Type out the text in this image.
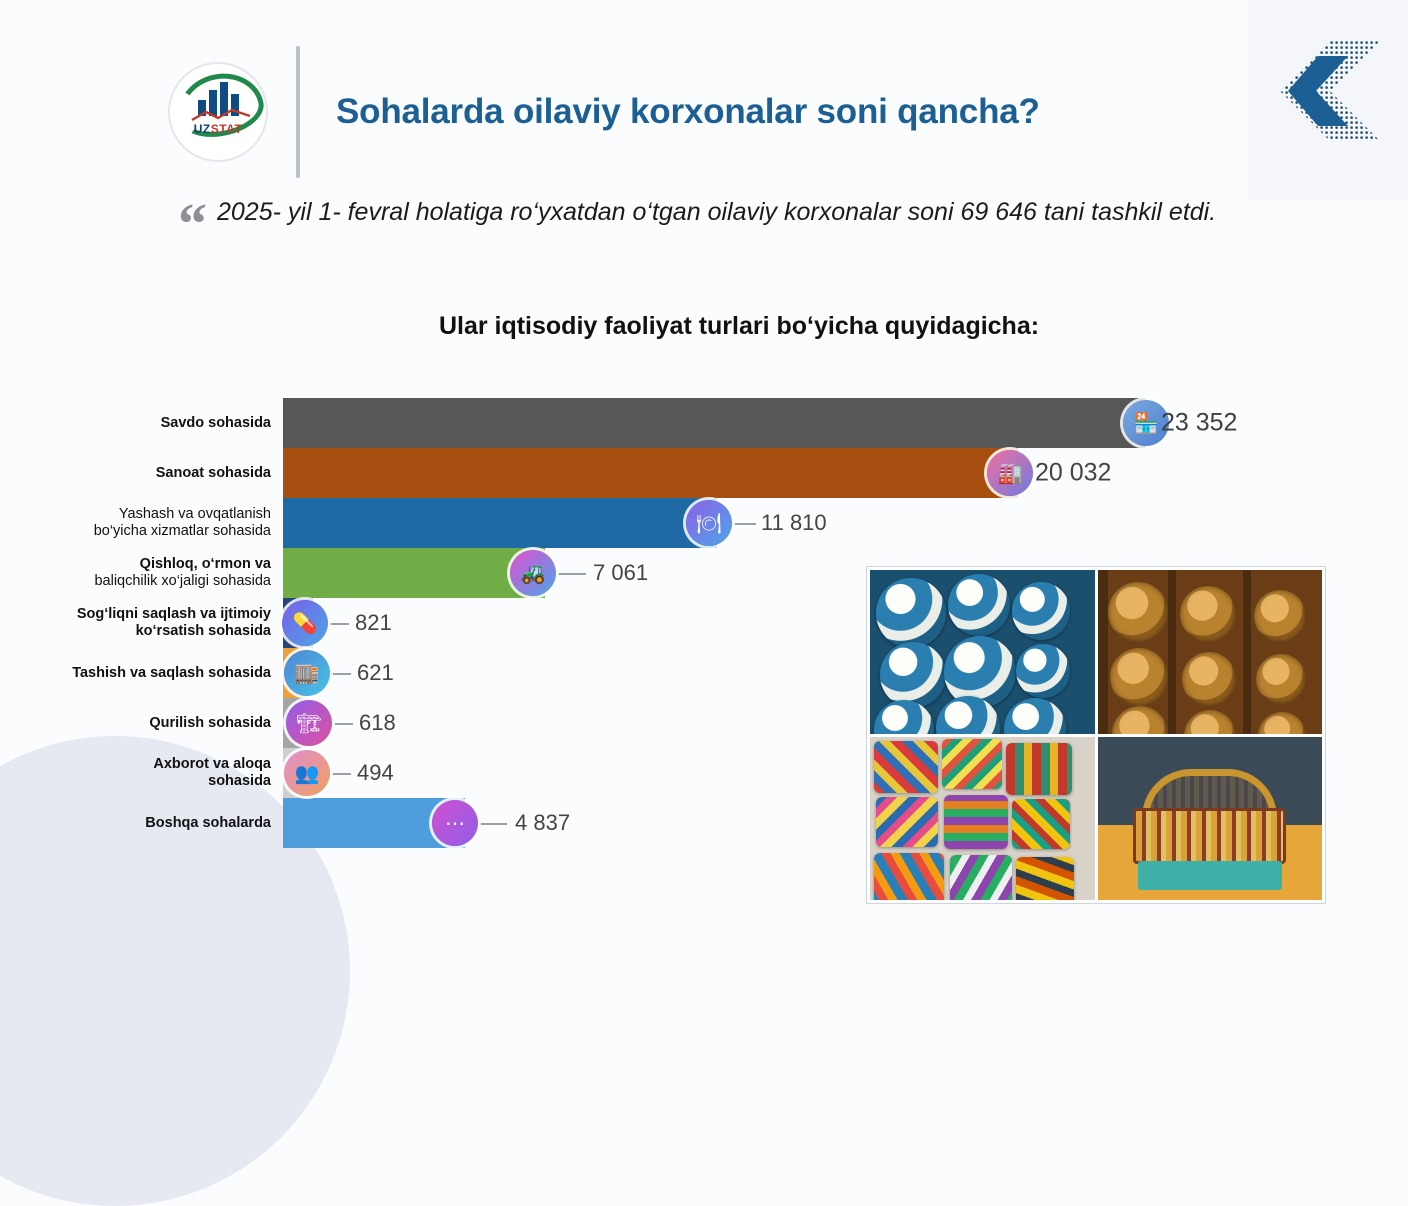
UZSTAT	Sohalarda oilaviy korxonalar soni qancha?
“ 2025- yil 1- fevral holatiga ro‘yxatdan o‘tgan oilaviy korxonalar soni 69 646 tani tashkil etdi.
Ular iqtisodiy faoliyat turlari bo‘yicha quyidagicha:
Savdo sohasida	🏪 23 352
Sanoat sohasida	🏭 20 032
Yashash va ovqatlanish
bo‘yicha xizmatlar sohasida	🍽	11 810
Qishloq, o‘rmon va
baliqchilik xo‘jaligi sohasida	🚜	7 061
Sog‘liqni saqlash va ijtimoiy
ko‘rsatish sohasida	💊	821
Tashish va saqlash sohasida	🏬	621
Qurilish sohasida	🏗	618
Axborot va aloqa
sohasida	👥	494
Boshqa sohalarda	⋯	4 837
